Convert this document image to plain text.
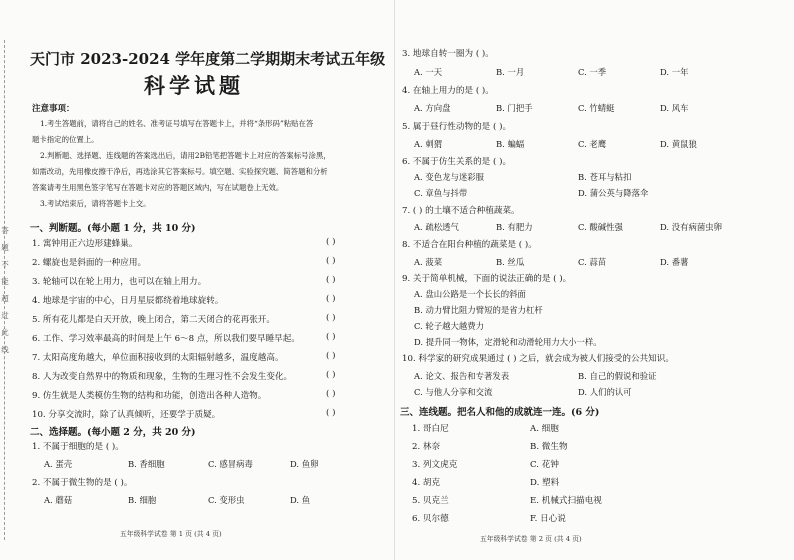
答题不能超过此线
天门市 2023-2024 学年度第二学期期末考试五年级
科学试题
注意事项：
1.考生答题前，请将自己的姓名、准考证号填写在答题卡上，并将“条形码”粘贴在答
题卡指定的位置上。
2.判断题、选择题、连线题的答案选出后，请用2B铅笔把答题卡上对应的答案标号涂黑，
如需改动，先用橡皮擦干净后，再选涂其它答案标号。填空题、实验探究题、简答题和分析
答案请考生用黑色签字笔写在答题卡对应的答题区域内，写在试题卷上无效。
3.考试结束后，请将答题卡上交。
一、判断题。(每小题 1 分，共 10 分)
1. 寓钟用正六边形建蜂巢。	( )
2. 螺旋也是斜面的一种应用。	( )
3. 轮轴可以在轮上用力，也可以在轴上用力。	( )
4. 地球是宇宙的中心，日月星辰都绕着地球旋转。	( )
5. 所有花儿都是白天开放，晚上闭合，第二天闭合的花再张开。	( )
6. 工作、学习效率最高的时间是上午 6～8 点，所以我们要早睡早起。	( )
7. 太阳高度角越大，单位面积接收到的太阳辐射越多，温度越高。	( )
8. 人为改变自然界中的物质和现象，生物的生理习性不会发生变化。	( )
9. 仿生就是人类模仿生物的结构和功能，创造出各种人造物。	( )
10. 分享交流时，除了认真倾听，还要学于质疑。	( )
二、选择题。(每小题 2 分，共 20 分)
1. 不属于细胞的是 ( )。
A. 蛋壳	B. 香细胞	C. 感冒病毒	D. 鱼卵
2. 不属于微生物的是 ( )。
A. 蘑菇	B. 细胞	C. 变形虫	D. 鱼
五年级科学试卷 第 1 页 (共 4 页)
3. 地球自转一圈为 ( )。
A. 一天	B. 一月	C. 一季	D. 一年
4. 在轴上用力的是 ( )。
A. 方向盘	B. 门把手	C. 竹蜻蜓	D. 风车
5. 属于昼行性动物的是 ( )。
A. 刺猬	B. 蝙蝠	C. 老鹰	D. 黄鼠狼
6. 不属于仿生关系的是 ( )。
A. 变色龙与迷彩服	B. 苍耳与粘扣
C. 章鱼与抖带	D. 蒲公英与降落伞
7. ( ) 的土壤不适合种植蔬菜。
A. 疏松透气	B. 有肥力	C. 酸碱性强	D. 没有病菌虫卵
8. 不适合在阳台种植的蔬菜是 ( )。
A. 菠菜	B. 丝瓜	C. 蒜苗	D. 番薯
9. 关于简单机械，下面的说法正确的是 ( )。
A. 盘山公路是一个长长的斜面
B. 动力臂比阻力臂短的是省力杠杆
C. 轮子越大越费力
D. 提升同一物体，定滑轮和动滑轮用力大小一样。
10. 科学家的研究成果通过 ( ) 之后，就会成为被人们接受的公共知识。
A. 论文、报告和专著发表	B. 自己的假说和验证
C. 与他人分享和交流	D. 人们的认可
三、连线题。把名人和他的成就连一连。(6 分)
1. 哥白尼	A. 细胞
2. 林奈	B. 微生物
3. 列文虎克	C. 花钟
4. 胡克	D. 塑料
5. 贝克兰	E. 机械式扫描电视
6. 贝尔德	F. 日心说
五年级科学试卷 第 2 页 (共 4 页)
